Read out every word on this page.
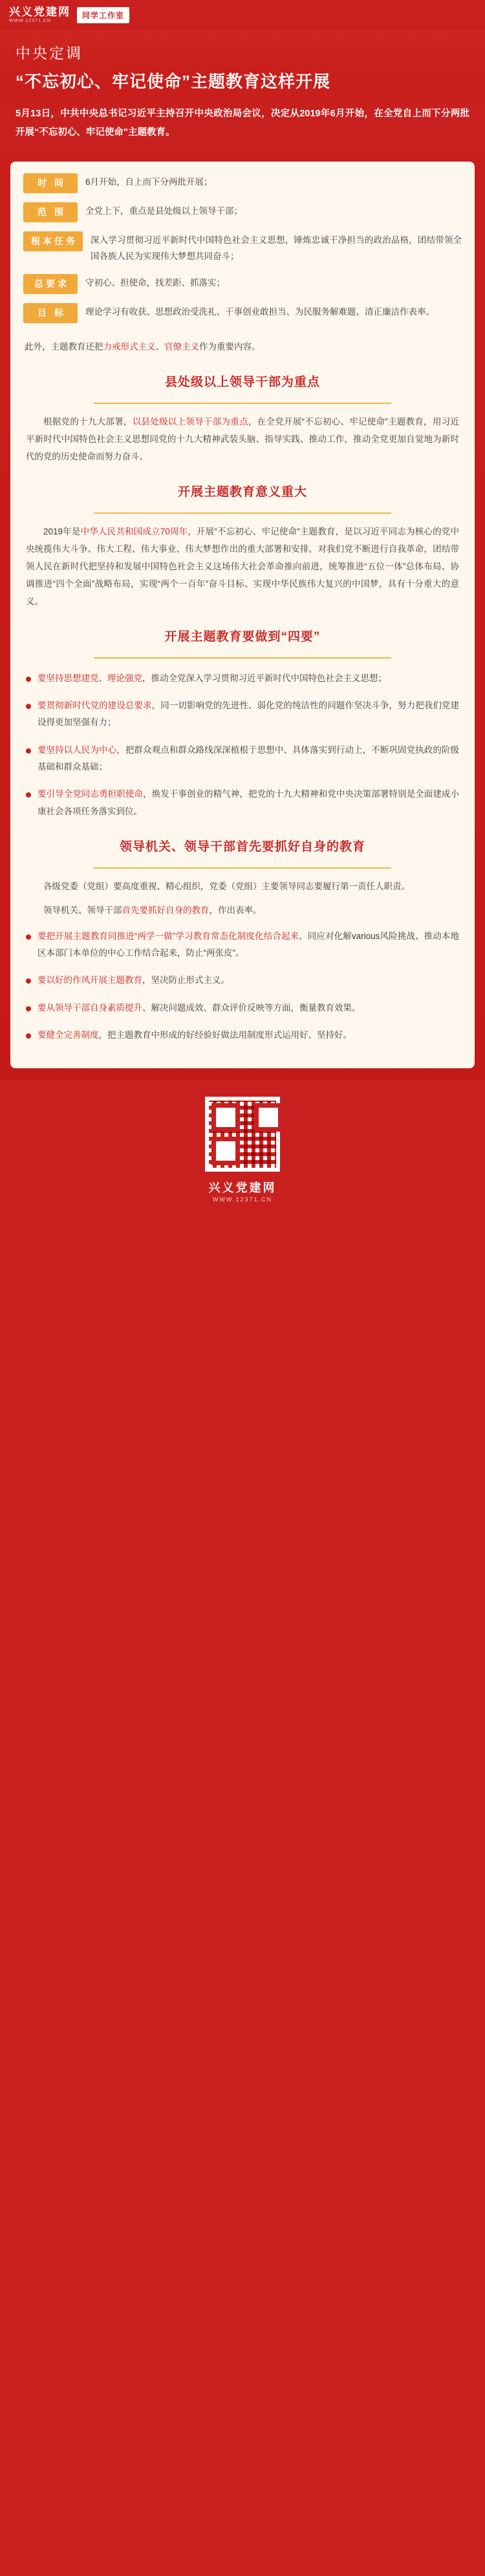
兴义党建网
WWW.12371.CN
同学工作室
中央定调
“不忘初心、牢记使命”主题教育这样开展
5月13日，中共中央总书记习近平主持召开中央政治局会议，决定从2019年6月开始，在全党自上而下分两批开展“不忘初心、牢记使命”主题教育。
时 间	6月开始，自上而下分两批开展；
范 围	全党上下，重点是县处级以上领导干部；
根本任务	深入学习贯彻习近平新时代中国特色社会主义思想，锤炼忠诚干净担当的政治品格，团结带领全国各族人民为实现伟大梦想共同奋斗；
总要求	守初心、担使命，找差距、抓落实；
目 标	理论学习有收获、思想政治受洗礼、干事创业敢担当、为民服务解难题、清正廉洁作表率。
此外，主题教育还把力戒形式主义、官僚主义作为重要内容。
县处级以上领导干部为重点
根据党的十九大部署，以县处级以上领导干部为重点，在全党开展“不忘初心、牢记使命”主题教育，用习近平新时代中国特色社会主义思想同党的十九大精神武装头脑、指导实践、推动工作，推动全党更加自觉地为新时代的党的历史使命而努力奋斗。
开展主题教育意义重大
2019年是中华人民共和国成立70周年，开展“不忘初心、牢记使命”主题教育，是以习近平同志为核心的党中央统揽伟大斗争、伟大工程、伟大事业、伟大梦想作出的重大部署和安排，对我们党不断进行自我革命，团结带领人民在新时代把坚持和发展中国特色社会主义这场伟大社会革命推向前进，统筹推进“五位一体”总体布局、协调推进“四个全面”战略布局，实现“两个一百年”奋斗目标、实现中华民族伟大复兴的中国梦，具有十分重大的意义。
开展主题教育要做到“四要”
要坚持思想建党、理论强党，推动全党深入学习贯彻习近平新时代中国特色社会主义思想；
要贯彻新时代党的建设总要求，同一切影响党的先进性、弱化党的纯洁性的问题作坚决斗争，努力把我们党建设得更加坚强有力；
要坚持以人民为中心，把群众观点和群众路线深深植根于思想中、具体落实到行动上，不断巩固党执政的阶级基础和群众基础；
要引导全党同志勇担职使命，焕发干事创业的精气神，把党的十九大精神和党中央决策部署特别是全面建成小康社会各项任务落实到位。
领导机关、领导干部首先要抓好自身的教育
各级党委（党组）要高度重视、精心组织，党委（党组）主要领导同志要履行第一责任人职责。
领导机关、领导干部首先要抓好自身的教育，作出表率。
要把开展主题教育同推进“两学一做”学习教育常态化制度化结合起来，同应对化解various风险挑战、推动本地区本部门本单位的中心工作结合起来，防止“两张皮”。
要以好的作风开展主题教育，坚决防止形式主义。
要从领导干部自身素质提升、解决问题成效、群众评价反映等方面，衡量教育效果。
要健全完善制度，把主题教育中形成的好经验好做法用制度形式运用好、坚持好。
兴义党建网
WWW.12371.CN
